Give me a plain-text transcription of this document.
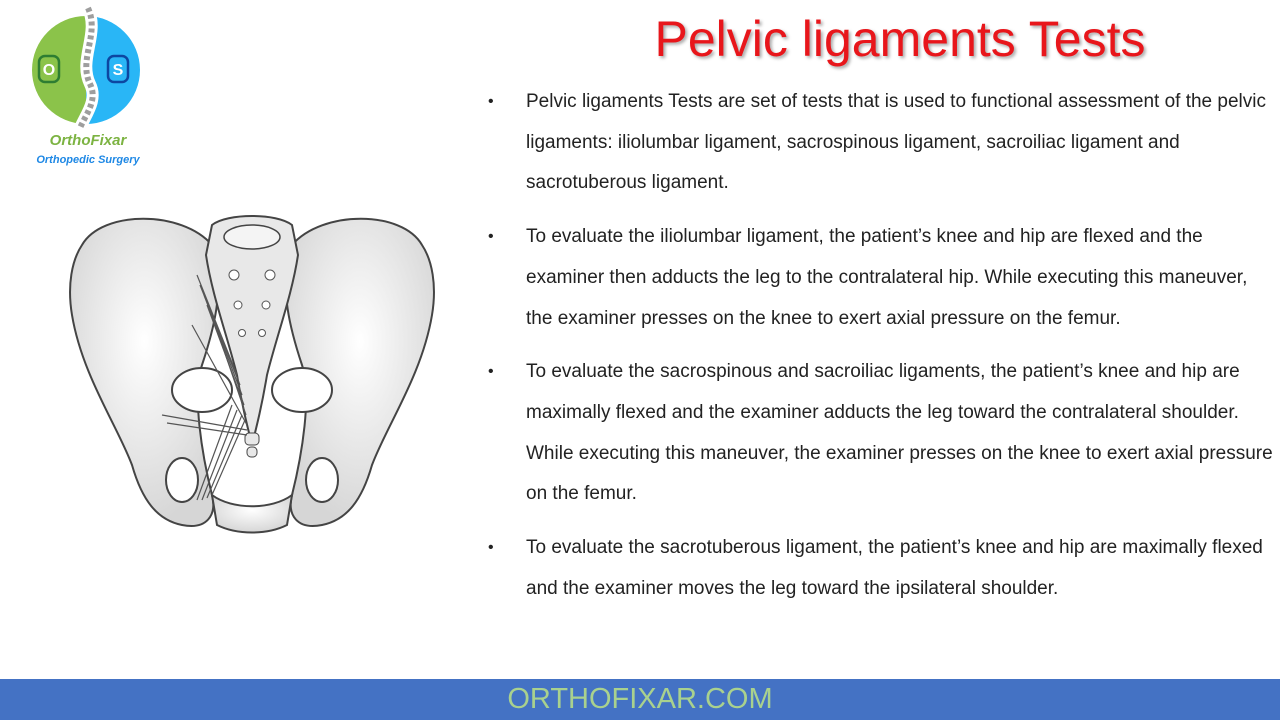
O	S
OrthoFixar
Orthopedic Surgery
Pelvic ligaments Tests
• Pelvic ligaments Tests are set of tests that is used to functional assessment of the pelvic ligaments: iliolumbar ligament, sacrospinous ligament, sacroiliac ligament and sacrotuberous ligament.
• To evaluate the iliolumbar ligament, the patient’s knee and hip are flexed and the examiner then adducts the leg to the contralateral hip. While executing this maneuver, the examiner presses on the knee to exert axial pressure on the femur.
• To evaluate the sacrospinous and sacroiliac ligaments, the patient’s knee and hip are maximally flexed and the examiner adducts the leg toward the contralateral shoulder. While executing this maneuver, the examiner presses on the knee to exert axial pressure on the femur.
• To evaluate the sacrotuberous ligament, the patient’s knee and hip are maximally flexed and the examiner moves the leg toward the ipsilateral shoulder.
ORTHOFIXAR.COM
